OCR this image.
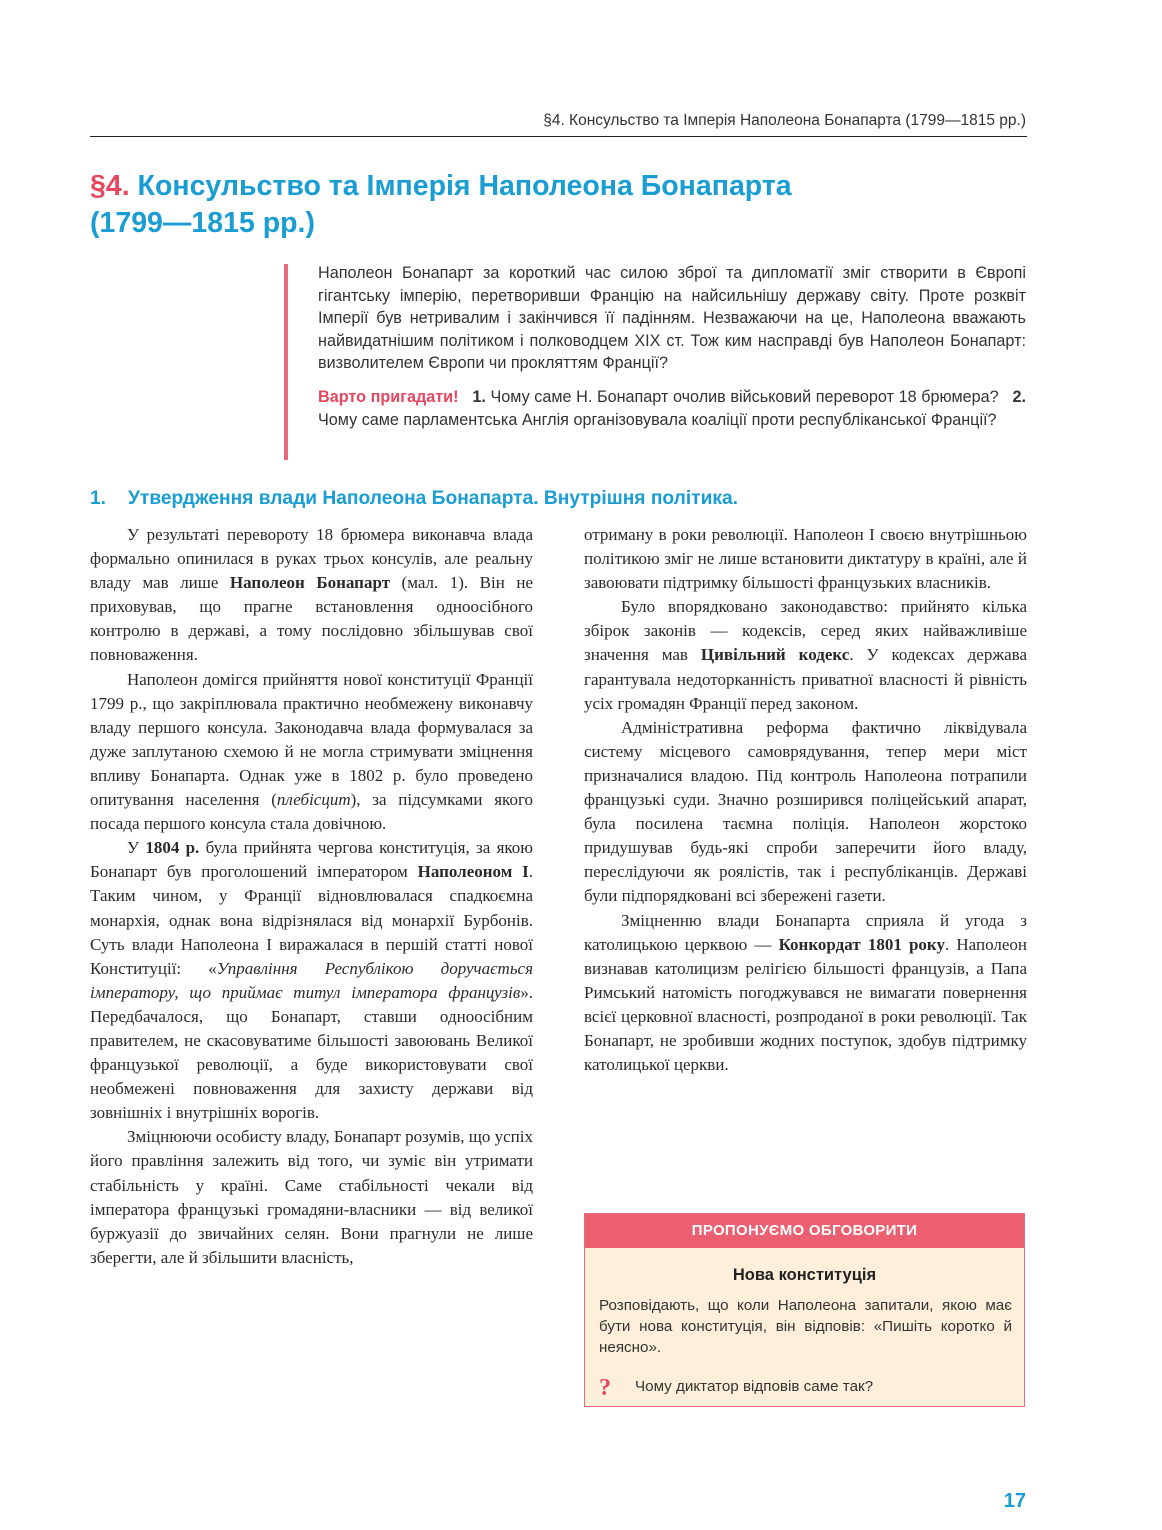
§4. Консульство та Імперія Наполеона Бонапарта (1799—1815 рр.)
§4. Консульство та Імперія Наполеона Бонапарта
(1799—1815 рр.)

Наполеон Бонапарт за короткий час силою зброї та дипломатії зміг створити в Європі гігантську імперію, перетворивши Францію на найсильнішу державу світу. Проте розквіт Імперії був нетривалим і закінчився її падінням. Незважаючи на це, Наполеона вважають найвидатнішим політиком і полководцем XIX ст. Тож ким насправді був Наполеон Бонапарт: визволителем Європи чи прокляттям Франції?

Варто пригадати! 1. Чому саме Н. Бонапарт очолив військовий переворот 18 брюмера? 2. Чому саме парламентська Англія організовувала коаліції проти республіканської Франції?

1. Утвердження влади Наполеона Бонапарта. Внутрішня політика.

У результаті перевороту 18 брюмера виконавча влада формально опинилася в руках трьох консулів, але реальну владу мав лише Наполеон Бонапарт (мал. 1). Він не приховував, що прагне встановлення одноосібного контролю в державі, а тому послідовно збільшував свої повноваження.

Наполеон домігся прийняття нової конституції Франції 1799 р., що закріплювала практично необмежену виконавчу владу першого консула. Законодавча влада формувалася за дуже заплутаною схемою й не могла стримувати зміцнення впливу Бонапарта. Однак уже в 1802 р. було проведено опитування населення (плебісцит), за підсумками якого посада першого консула стала довічною.

У 1804 р. була прийнята чергова конституція, за якою Бонапарт був проголошений імператором Наполеоном I. Таким чином, у Франції відновлювалася спадкоємна монархія, однак вона відрізнялася від монархії Бурбонів. Суть влади Наполеона I виражалася в першій статті нової Конституції: «Управління Республікою доручається імператору, що приймає титул імператора французів». Передбачалося, що Бонапарт, ставши одноосібним правителем, не скасовуватиме більшості завоювань Великої французької революції, а буде використовувати свої необмежені повноваження для захисту держави від зовнішніх і внутрішніх ворогів.

Зміцнюючи особисту владу, Бонапарт розумів, що успіх його правління залежить від того, чи зуміє він утримати стабільність у країні. Саме стабільності чекали від імператора французькі громадяни-власники — від великої буржуазії до звичайних селян. Вони прагнули не лише зберегти, але й збільшити власність,

отриману в роки революції. Наполеон I своєю внутрішньою політикою зміг не лише встановити диктатуру в країні, але й завоювати підтримку більшості французьких власників.

Було впорядковано законодавство: прийнято кілька збірок законів — кодексів, серед яких найважливіше значення мав Цивільний кодекс. У кодексах держава гарантувала недоторканність приватної власності й рівність усіх громадян Франції перед законом.

Адміністративна реформа фактично ліквідувала систему місцевого самоврядування, тепер мери міст призначалися владою. Під контроль Наполеона потрапили французькі суди. Значно розширився поліцейський апарат, була посилена таємна поліція. Наполеон жорстоко придушував будь-які спроби заперечити його владу, переслідуючи як роялістів, так і республіканців. Державі були підпорядковані всі збережені газети.

Зміцненню влади Бонапарта сприяла й угода з католицькою церквою — Конкордат 1801 року. Наполеон визнавав католицизм релігією більшості французів, а Папа Римський натомість погоджувався не вимагати повернення всієї церковної власності, розпроданої в роки революції. Так Бонапарт, не зробивши жодних поступок, здобув підтримку католицької церкви.

ПРОПОНУЄМО ОБГОВОРИТИ
Нова конституція
Розповідають, що коли Наполеона запитали, якою має бути нова конституція, він відповів: «Пишіть коротко й неясно».
? Чому диктатор відповів саме так?
17
